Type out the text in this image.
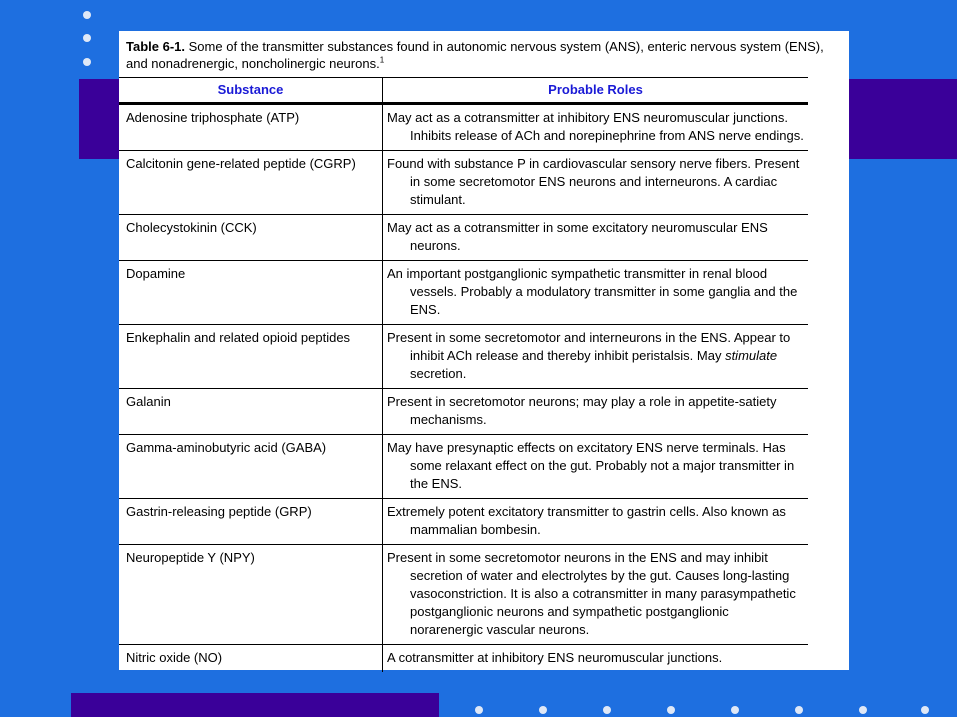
Table 6-1. Some of the transmitter substances found in autonomic nervous system (ANS), enteric nervous system (ENS), and nonadrenergic, noncholinergic neurons.$^1$
Substance	Probable Roles

Adenosine triphosphate (ATP)	May act as a cotransmitter at inhibitory ENS neuromuscular junctions. Inhibits release of ACh and norepinephrine from ANS nerve endings.

Calcitonin gene-related peptide (CGRP)	Found with substance P in cardiovascular sensory nerve fibers. Present in some secretomotor ENS neurons and interneurons. A cardiac stimulant.

Cholecystokinin (CCK)	May act as a cotransmitter in some excitatory neuromuscular ENS neurons.

Dopamine	An important postganglionic sympathetic transmitter in renal blood vessels. Probably a modulatory transmitter in some ganglia and the ENS.

Enkephalin and related opioid peptides	Present in some secretomotor and interneurons in the ENS. Appear to inhibit ACh release and thereby inhibit peristalsis. May stimulate secretion.

Galanin	Present in secretomotor neurons; may play a role in appetite-satiety mechanisms.

Gamma-aminobutyric acid (GABA)	May have presynaptic effects on excitatory ENS nerve terminals. Has some relaxant effect on the gut. Probably not a major transmitter in the ENS.

Gastrin-releasing peptide (GRP)	Extremely potent excitatory transmitter to gastrin cells. Also known as mammalian bombesin.

Neuropeptide Y (NPY)	Present in some secretomotor neurons in the ENS and may inhibit secretion of water and electrolytes by the gut. Causes long-lasting vasoconstriction. It is also a cotransmitter in many parasympathetic postganglionic neurons and sympathetic postganglionic norarenergic vascular neurons.

Nitric oxide (NO)	A cotransmitter at inhibitory ENS neuromuscular junctions.
